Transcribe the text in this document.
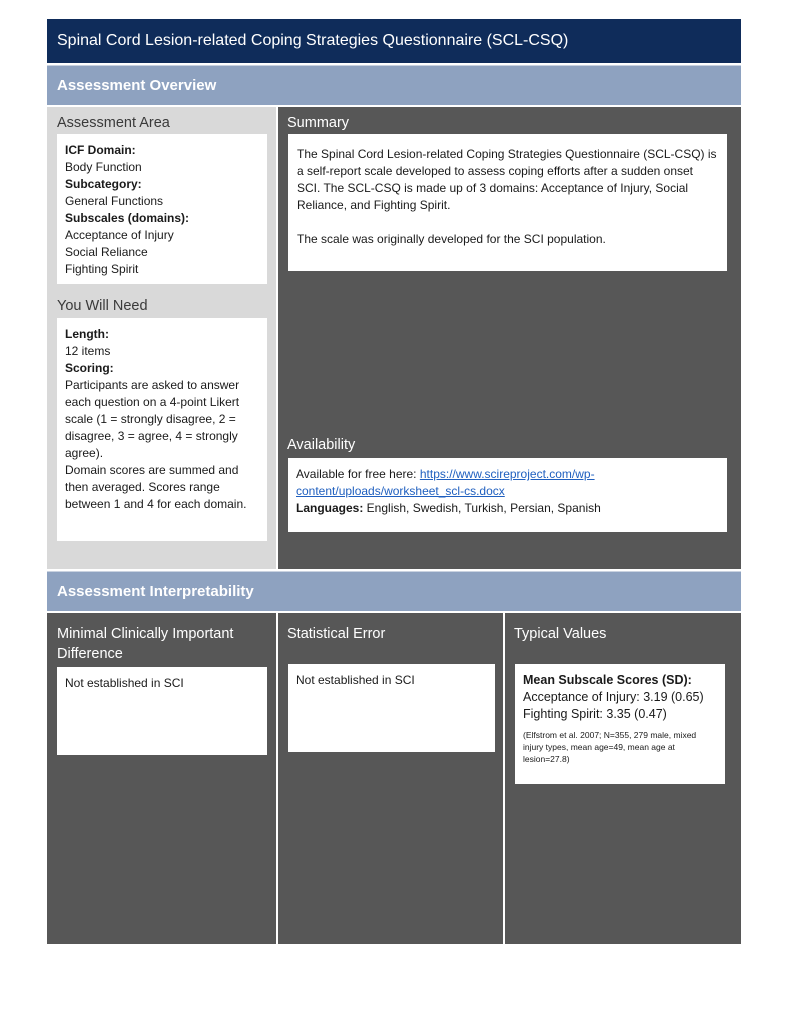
Spinal Cord Lesion-related Coping Strategies Questionnaire (SCL-CSQ)
Assessment Overview
Assessment Area
ICF Domain:
Body Function
Subcategory:
General Functions
Subscales (domains):
Acceptance of Injury
Social Reliance
Fighting Spirit
You Will Need
Length:
12 items
Scoring:
Participants are asked to answer each question on a 4-point Likert scale (1 = strongly disagree, 2 = disagree, 3 = agree, 4 = strongly agree).
Domain scores are summed and then averaged. Scores range between 1 and 4 for each domain.
Summary

The Spinal Cord Lesion-related Coping Strategies Questionnaire (SCL-CSQ) is a self-report scale developed to assess coping efforts after a sudden onset SCI. The SCL-CSQ is made up of 3 domains: Acceptance of Injury, Social Reliance, and Fighting Spirit.

The scale was originally developed for the SCI population.

Availability
Available for free here: https://www.scireproject.com/wp-content/uploads/worksheet_scl-cs.docx
Languages: English, Swedish, Turkish, Persian, Spanish
Assessment Interpretability
Minimal Clinically Important Difference
Not established in SCI
Statistical Error
Not established in SCI
Typical Values
Mean Subscale Scores (SD):
Acceptance of Injury: 3.19 (0.65)
Fighting Spirit: 3.35 (0.47)
(Elfstrom et al. 2007; N=355, 279 male, mixed injury types, mean age=49, mean age at lesion=27.8)
